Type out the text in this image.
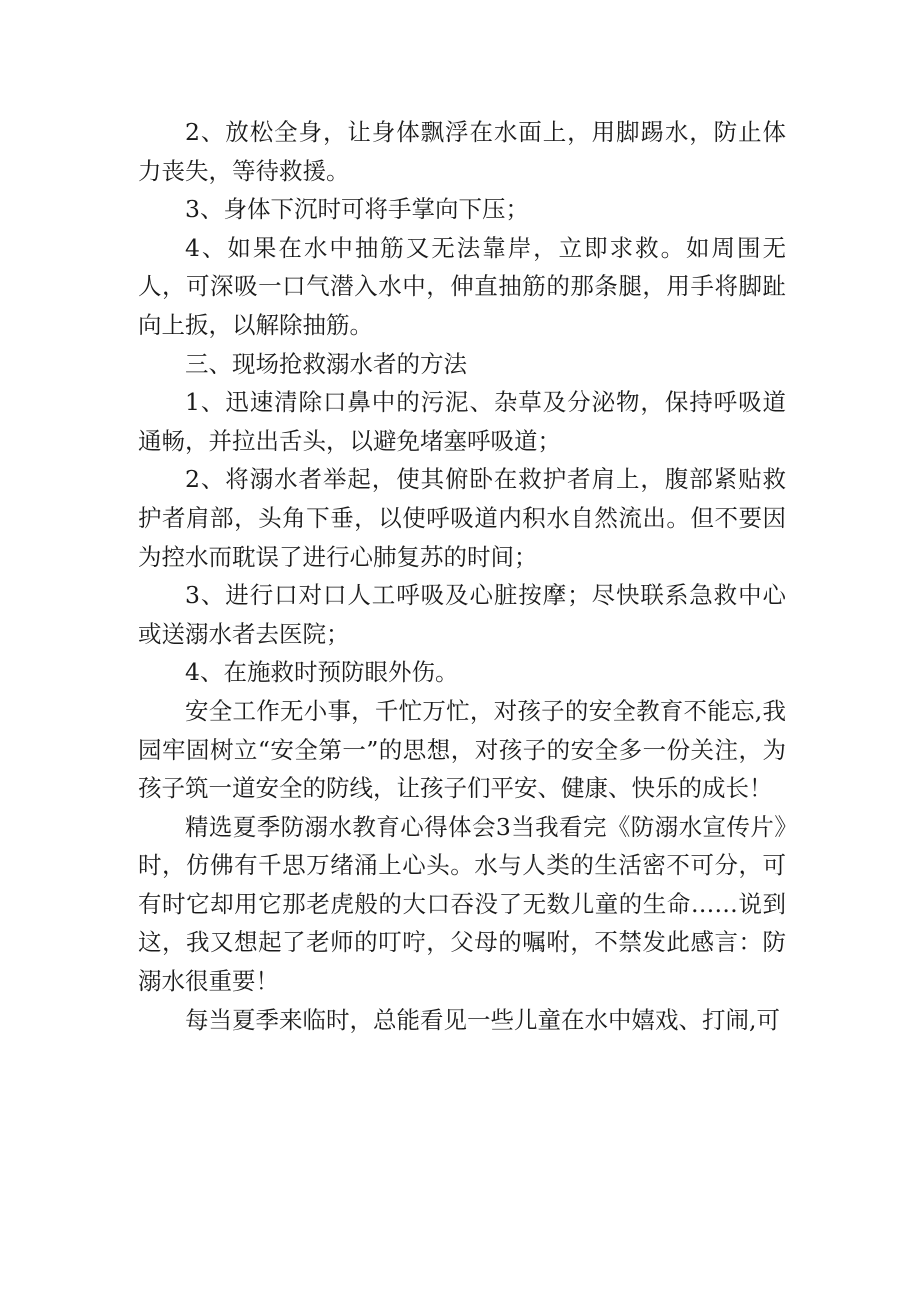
2、放松全身，让身体飘浮在水面上，用脚踢水，防止体力丧失，等待救援。

3、身体下沉时可将手掌向下压；

4、如果在水中抽筋又无法靠岸，立即求救。如周围无人，可深吸一口气潜入水中，伸直抽筋的那条腿，用手将脚趾向上扳，以解除抽筋。

三、现场抢救溺水者的方法

1、迅速清除口鼻中的污泥、杂草及分泌物，保持呼吸道通畅，并拉出舌头，以避免堵塞呼吸道；

2、将溺水者举起，使其俯卧在救护者肩上，腹部紧贴救护者肩部，头角下垂，以使呼吸道内积水自然流出。但不要因为控水而耽误了进行心肺复苏的时间；

3、进行口对口人工呼吸及心脏按摩；尽快联系急救中心或送溺水者去医院；

4、在施救时预防眼外伤。

安全工作无小事，千忙万忙，对孩子的安全教育不能忘,我园牢固树立“安全第一”的思想，对孩子的安全多一份关注，为孩子筑一道安全的防线，让孩子们平安、健康、快乐的成长！

精选夏季防溺水教育心得体会3当我看完《防溺水宣传片》时，仿佛有千思万绪涌上心头。水与人类的生活密不可分，可有时它却用它那老虎般的大口吞没了无数儿童的生命……说到这，我又想起了老师的叮咛，父母的嘱咐，不禁发此感言：防溺水很重要！

每当夏季来临时，总能看见一些儿童在水中嬉戏、打闹,可
